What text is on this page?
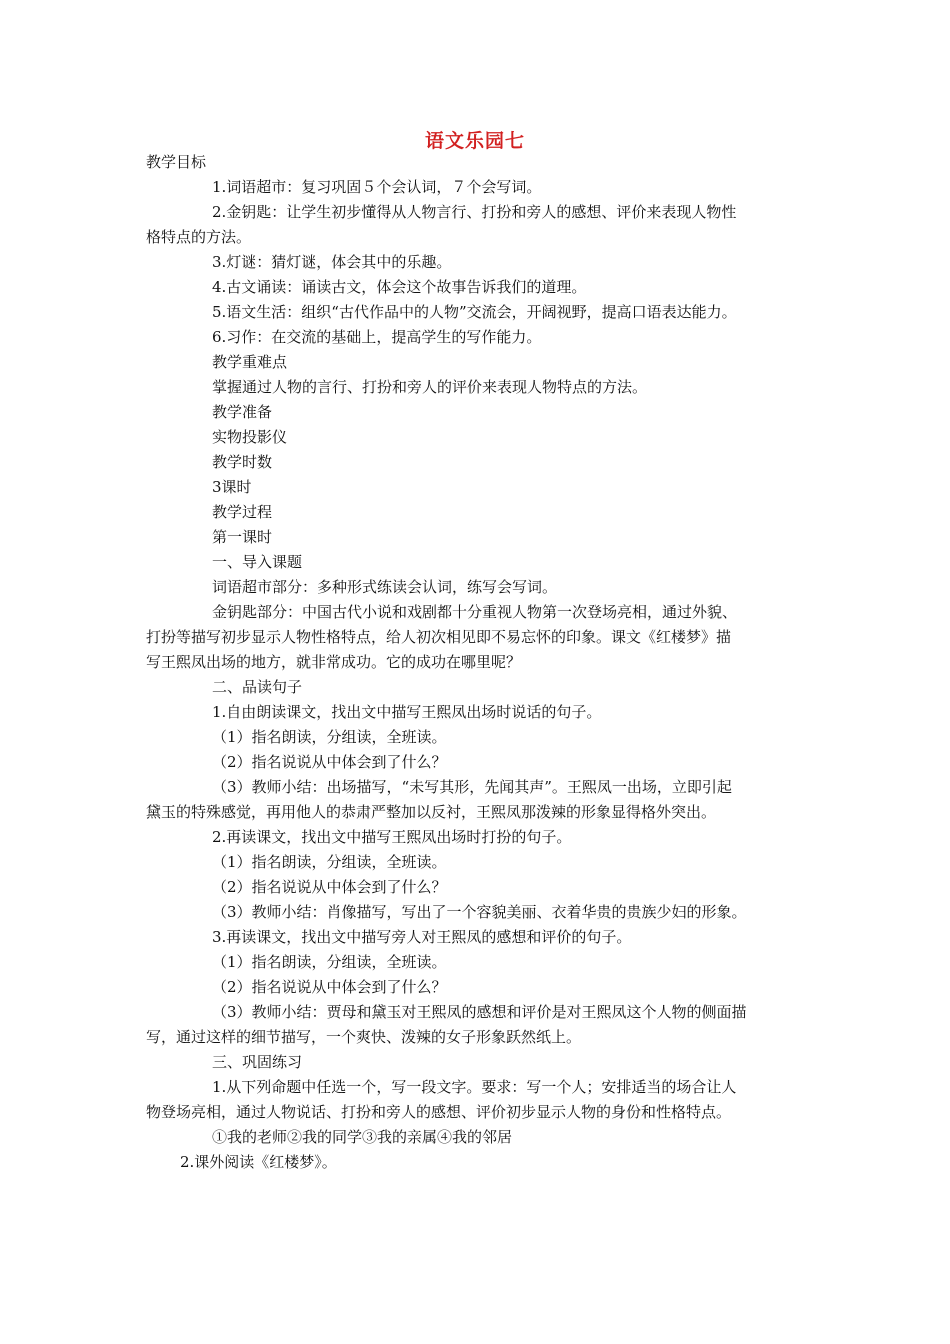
语文乐园七
教学目标
1.词语超市：复习巩固５个会认词，７个会写词。
2.金钥匙：让学生初步懂得从人物言行、打扮和旁人的感想、评价来表现人物性
格特点的方法。
3.灯谜：猜灯谜，体会其中的乐趣。
4.古文诵读：诵读古文，体会这个故事告诉我们的道理。
5.语文生活：组织“古代作品中的人物”交流会，开阔视野，提高口语表达能力。
6.习作：在交流的基础上，提高学生的写作能力。
教学重难点
掌握通过人物的言行、打扮和旁人的评价来表现人物特点的方法。
教学准备
实物投影仪
教学时数
3课时
教学过程
第一课时
一、导入课题
词语超市部分：多种形式练读会认词，练写会写词。
金钥匙部分：中国古代小说和戏剧都十分重视人物第一次登场亮相，通过外貌、
打扮等描写初步显示人物性格特点，给人初次相见即不易忘怀的印象。课文《红楼梦》描
写王熙凤出场的地方，就非常成功。它的成功在哪里呢？
二、品读句子
1.自由朗读课文，找出文中描写王熙凤出场时说话的句子。
（1）指名朗读，分组读，全班读。
（2）指名说说从中体会到了什么？
（3）教师小结：出场描写，“未写其形，先闻其声”。王熙凤一出场，立即引起
黛玉的特殊感觉，再用他人的恭肃严整加以反衬，王熙凤那泼辣的形象显得格外突出。
2.再读课文，找出文中描写王熙凤出场时打扮的句子。
（1）指名朗读，分组读，全班读。
（2）指名说说从中体会到了什么？
（3）教师小结：肖像描写，写出了一个容貌美丽、衣着华贵的贵族少妇的形象。
3.再读课文，找出文中描写旁人对王熙凤的感想和评价的句子。
（1）指名朗读，分组读，全班读。
（2）指名说说从中体会到了什么？
（3）教师小结：贾母和黛玉对王熙凤的感想和评价是对王熙凤这个人物的侧面描
写，通过这样的细节描写，一个爽快、泼辣的女子形象跃然纸上。
三、巩固练习
1.从下列命题中任选一个，写一段文字。要求：写一个人；安排适当的场合让人
物登场亮相，通过人物说话、打扮和旁人的感想、评价初步显示人物的身份和性格特点。
①我的老师②我的同学③我的亲属④我的邻居
2.课外阅读《红楼梦》。
